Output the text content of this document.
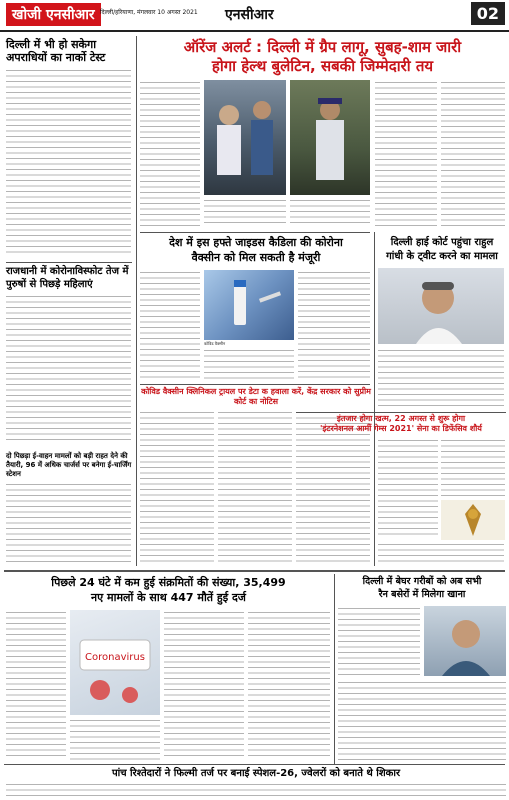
खोजी एनसीआर दिल्ली/हरियाणा, मंगलवार 10 अगस्त 2021 एनसीआर	02
दिल्ली में भी हो सकेगा अपराधियों का नार्को टेस्ट
राजधानी में कोरोनाविस्फोट तेज में पुरुषों से पिछड़े महिलाएं
दो पिछड़ा ई-वाहन मामलों को बड़ी राहत देने की तैयारी, 96 में अधिक चार्जर्स पर बनेगा ई-चार्जिंग स्टेशन
ऑरेंज अलर्ट : दिल्ली में ग्रैप लागू, सुबह-शाम जारी
होगा हेल्थ बुलेटिन, सबकी जिम्मेदारी तय
देश में इस हफ्ते जाइडस कैडिला की कोरोना
वैक्सीन को मिल सकती है मंजूरी
कोविड वैक्सीन
कोविड वैक्सीन क्लिनिकल ट्रायल पर डेटा क हवाला करें, केंद्र सरकार को सुप्रीम कोर्ट का नोटिस
दिल्ली हाई कोर्ट पहुंचा राहुल
गांधी के ट्वीट करने का मामला
इंतजार होगा खत्म, 22 अगस्त से शुरू होगा
'इंटरनेशनल आर्मी गेम्स 2021' सेना का डिफेंसिव शौर्य
पिछले 24 घंटे में कम हुई संक्रमितों की संख्या, 35,499
नए मामलों के साथ 447 मौतें हुई दर्ज
Coronavirus
दिल्ली में बेघर गरीबों को अब सभी
रैन बसेरों में मिलेगा खाना
पांच रिश्तेदारों ने फिल्मी तर्ज पर बनाई स्पेशल-26, ज्वेलरों को बनाते थे शिकार
